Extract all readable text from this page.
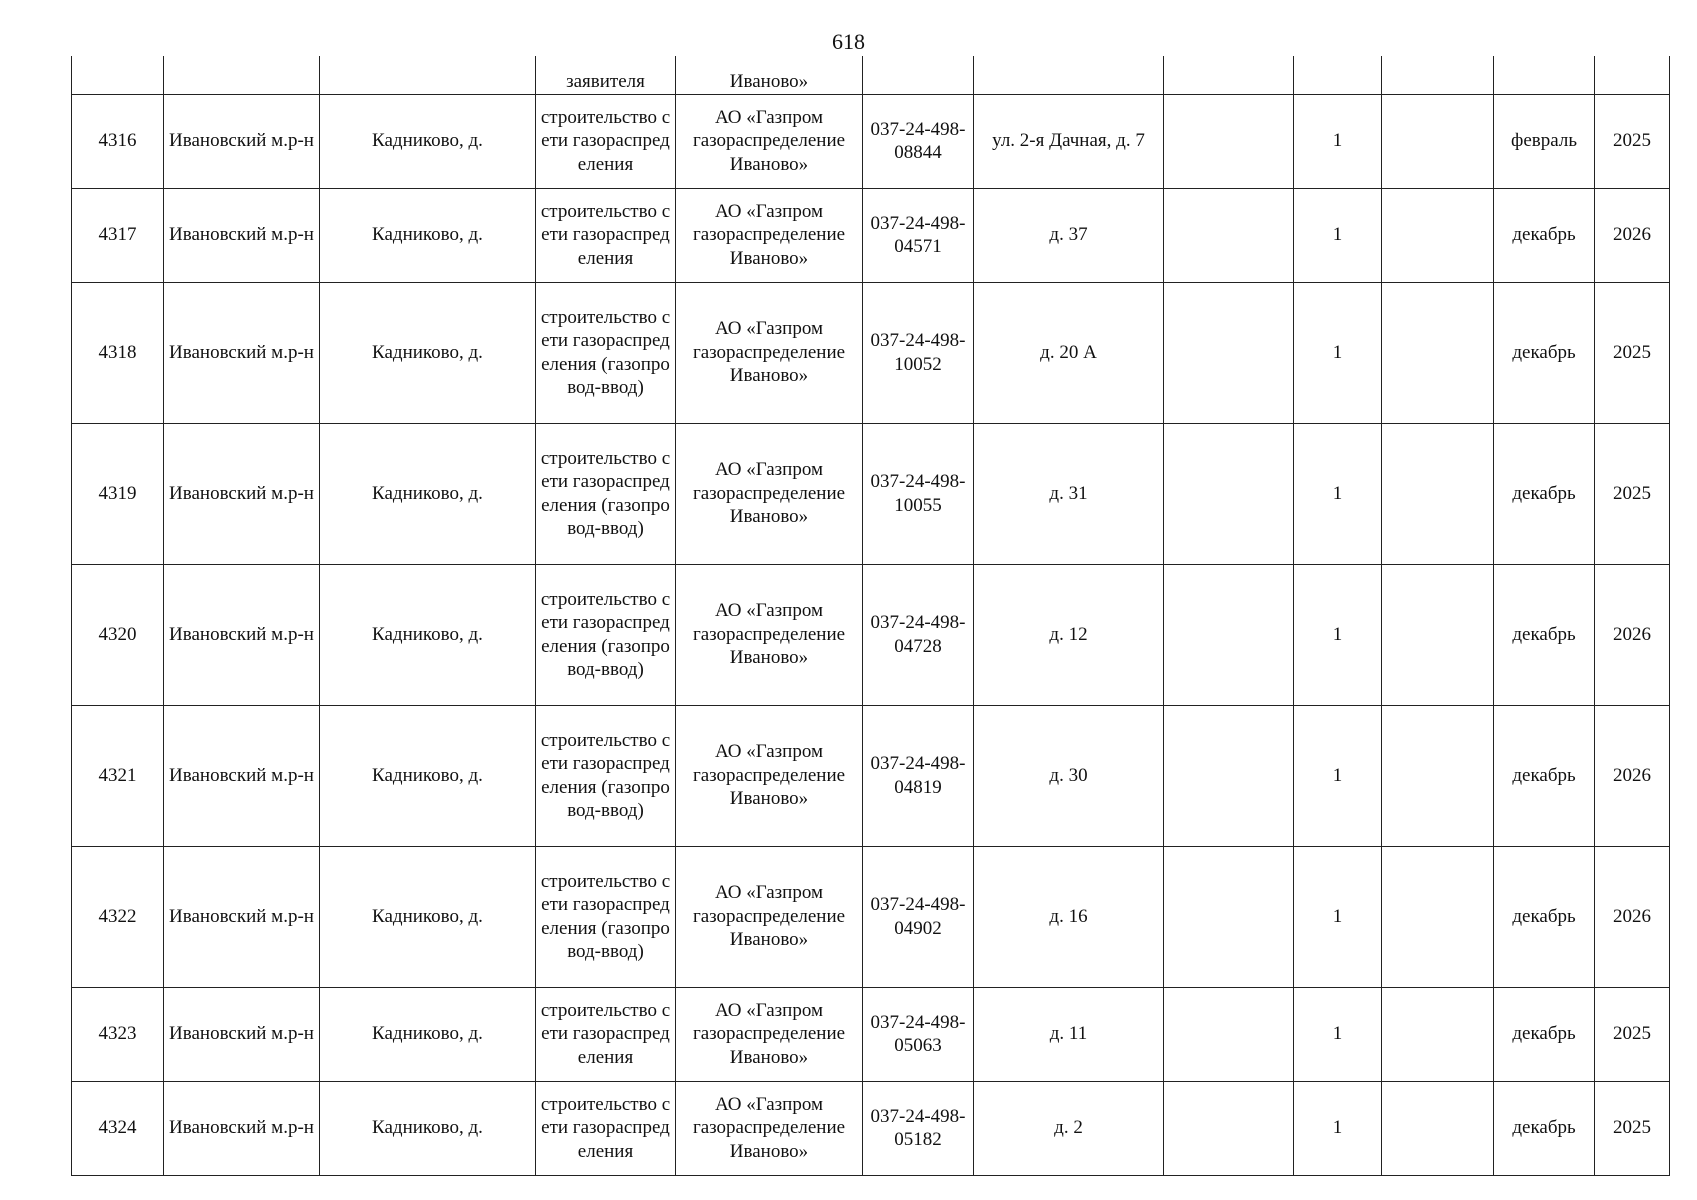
618
			заявителя	Иваново»							
4316	Ивановский м.р-н	Кадниково, д.	строительство сети газораспределения	АО «Газпром газораспределение Иваново»	037-24-498-08844	ул. 2-я Дачная, д. 7		1		февраль	2025
4317	Ивановский м.р-н	Кадниково, д.	строительство сети газораспределения	АО «Газпром газораспределение Иваново»	037-24-498-04571	д. 37		1		декабрь	2026
4318	Ивановский м.р-н	Кадниково, д.	строительство сети газораспределения (газопровод-ввод)	АО «Газпром газораспределение Иваново»	037-24-498-10052	д. 20 А		1		декабрь	2025
4319	Ивановский м.р-н	Кадниково, д.	строительство сети газораспределения (газопровод-ввод)	АО «Газпром газораспределение Иваново»	037-24-498-10055	д. 31		1		декабрь	2025
4320	Ивановский м.р-н	Кадниково, д.	строительство сети газораспределения (газопровод-ввод)	АО «Газпром газораспределение Иваново»	037-24-498-04728	д. 12		1		декабрь	2026
4321	Ивановский м.р-н	Кадниково, д.	строительство сети газораспределения (газопровод-ввод)	АО «Газпром газораспределение Иваново»	037-24-498-04819	д. 30		1		декабрь	2026
4322	Ивановский м.р-н	Кадниково, д.	строительство сети газораспределения (газопровод-ввод)	АО «Газпром газораспределение Иваново»	037-24-498-04902	д. 16		1		декабрь	2026
4323	Ивановский м.р-н	Кадниково, д.	строительство сети газораспределения	АО «Газпром газораспределение Иваново»	037-24-498-05063	д. 11		1		декабрь	2025
4324	Ивановский м.р-н	Кадниково, д.	строительство сети газораспределения	АО «Газпром газораспределение Иваново»	037-24-498-05182	д. 2		1		декабрь	2025
